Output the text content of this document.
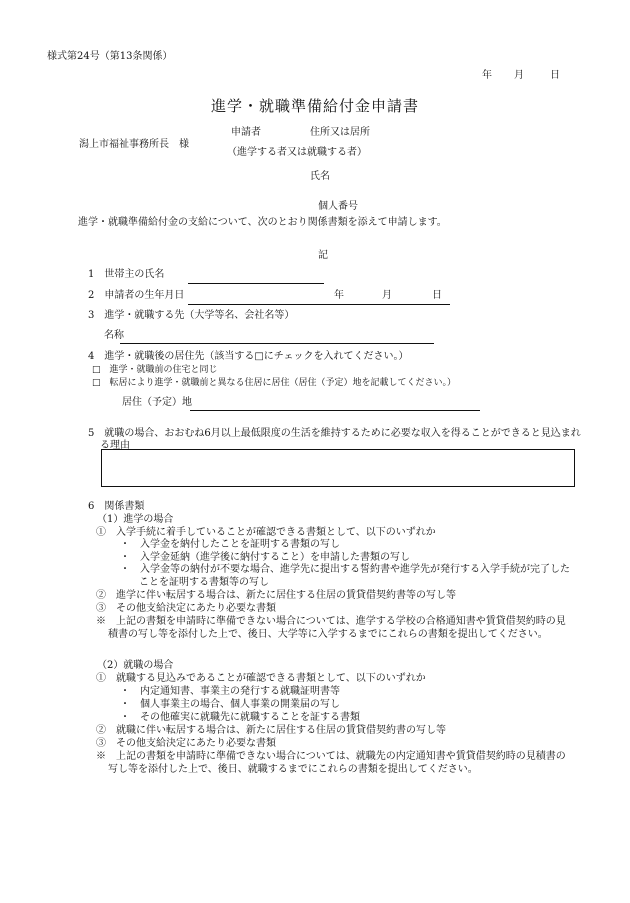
様式第24号（第13条関係）
年 月	日
進学・就職準備給付金申請書
申請者	住所又は居所
潟上市福祉事務所長　様
（進学する者又は就職する者）
氏名
個人番号
進学・就職準備給付金の支給について、次のとおり関係書類を添えて申請します。
記
1　世帯主の氏名
2　申請者の生年月日	年	月	日
3　進学・就職する先（大学等名、会社名等）
名称
4　進学・就職後の居住先（該当する□にチェックを入れてください。）
□　進学・就職前の住宅と同じ
□　転居により進学・就職前と異なる住居に居住（居住（予定）地を記載してください。）
居住（予定）地
5　就職の場合、おおむね6月以上最低限度の生活を維持するために必要な収入を得ることができると見込まれ
る理由
6　関係書類
（1）進学の場合
①　入学手続に着手していることが確認できる書類として、以下のいずれか
・　入学金を納付したことを証明する書類の写し
・　入学金延納（進学後に納付すること）を申請した書類の写し
・　入学金等の納付が不要な場合、進学先に提出する誓約書や進学先が発行する入学手続が完了した
ことを証明する書類等の写し
②　進学に伴い転居する場合は、新たに居住する住居の賃貸借契約書等の写し等
③　その他支給決定にあたり必要な書類
※　上記の書類を申請時に準備できない場合については、進学する学校の合格通知書や賃貸借契約時の見
積書の写し等を添付した上で、後日、大学等に入学するまでにこれらの書類を提出してください。
（2）就職の場合
①　就職する見込みであることが確認できる書類として、以下のいずれか
・　内定通知書、事業主の発行する就職証明書等
・　個人事業主の場合、個人事業の開業届の写し
・　その他確実に就職先に就職することを証する書類
②　就職に伴い転居する場合は、新たに居住する住居の賃貸借契約書の写し等
③　その他支給決定にあたり必要な書類
※　上記の書類を申請時に準備できない場合については、就職先の内定通知書や賃貸借契約時の見積書の
写し等を添付した上で、後日、就職するまでにこれらの書類を提出してください。
